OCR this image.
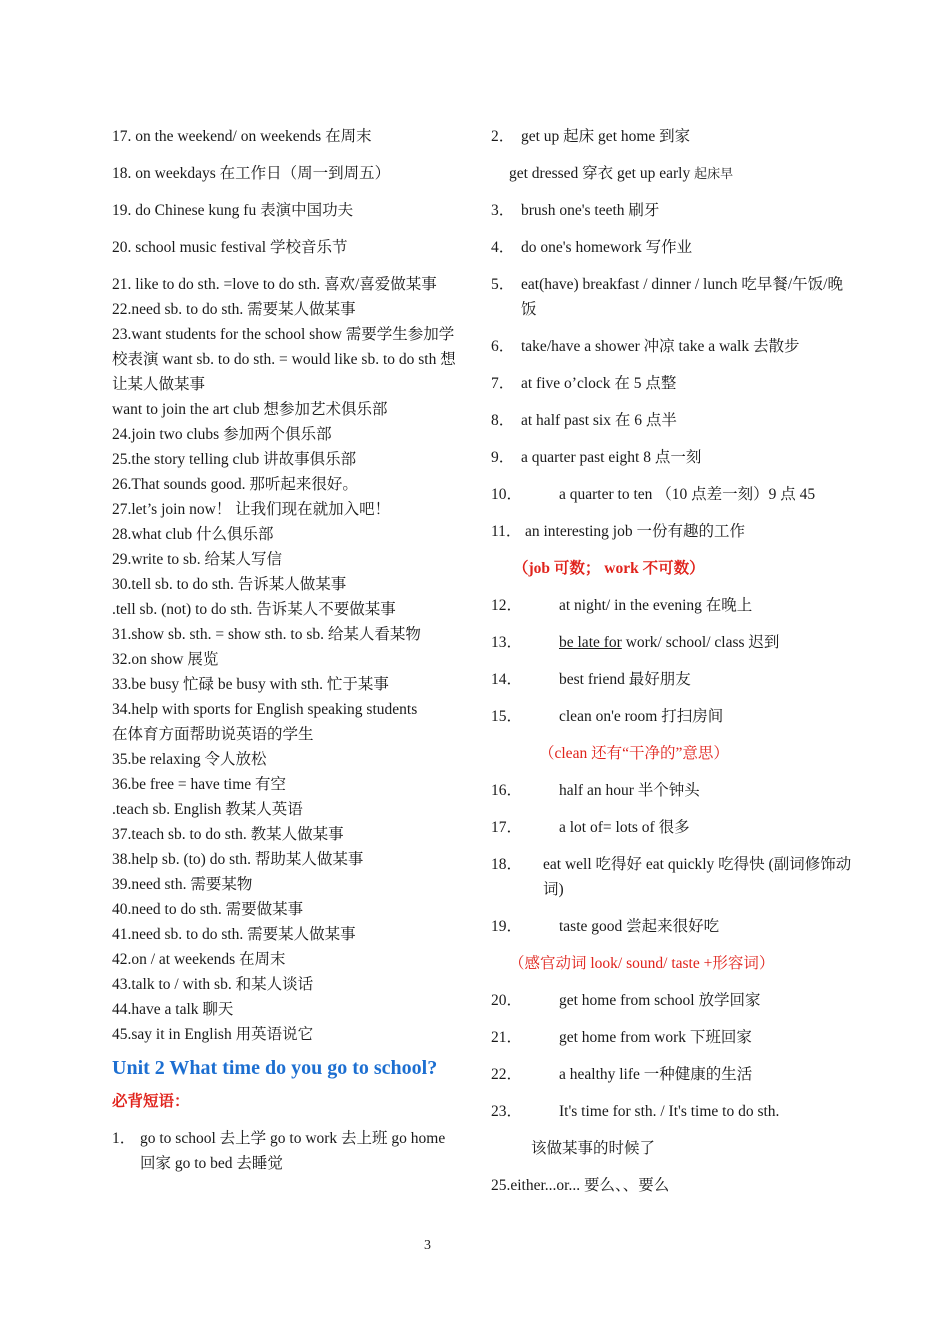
17. on the weekend/ on weekends 在周末
18. on weekdays 在工作日（周一到周五）
19. do Chinese kung fu 表演中国功夫
20. school music festival 学校音乐节
21. like to do sth. =love to do sth. 喜欢/喜爱做某事
22.need sb. to do sth. 需要某人做某事
23.want students for the school show 需要学生参加学校表演 want sb. to do sth. = would like sb. to do sth 想让某人做某事
want to join the art club 想参加艺术俱乐部
24.join two clubs 参加两个俱乐部
25.the story telling club 讲故事俱乐部
26.That sounds good. 那听起来很好。
27.let’s join now！ 让我们现在就加入吧！
28.what club 什么俱乐部
29.write to sb. 给某人写信
30.tell sb. to do sth. 告诉某人做某事
.tell sb. (not) to do sth. 告诉某人不要做某事
31.show sb. sth. = show sth. to sb. 给某人看某物
32.on show 展览
33.be busy 忙碌 be busy with sth. 忙于某事
34.help with sports for English speaking students
在体育方面帮助说英语的学生
35.be relaxing 令人放松
36.be free = have time 有空
.teach sb. English 教某人英语
37.teach sb. to do sth. 教某人做某事
38.help sb. (to) do sth. 帮助某人做某事
39.need sth. 需要某物
40.need to do sth. 需要做某事
41.need sb. to do sth. 需要某人做某事
42.on / at weekends 在周末
43.talk to / with sb. 和某人谈话
44.have a talk 聊天
45.say it in English 用英语说它
Unit 2 What time do you go to school?
必背短语：
1． go to school 去上学 go to work 去上班 go home 回家 go to bed 去睡觉
2． get up 起床 get home 到家
get dressed 穿衣 get up early 起床早
3． brush one's teeth 刷牙
4． do one's homework 写作业
5． eat(have) breakfast / dinner / lunch 吃早餐/午饭/晚饭
6． take/have a shower 冲凉 take a walk 去散步
7． at five o’clock 在 5 点整
8． at half past six 在 6 点半
9． a quarter past eight 8 点一刻
10．	a quarter to ten （10 点差一刻）9 点 45
11． an interesting job 一份有趣的工作
（job 可数； work 不可数）
12．	at night/ in the evening 在晚上
13．	be late for work/ school/ class 迟到
14．	best friend 最好朋友
15．	clean on'e room 打扫房间
（clean 还有“干净的”意思）
16．	half an hour 半个钟头
17．	a lot of= lots of 很多
18．	eat well 吃得好 eat quickly 吃得快 (副词修饰动词)
19．	taste good 尝起来很好吃
（感官动词 look/ sound/ taste +形容词）
20．	get home from school 放学回家
21．	get home from work 下班回家
22．	a healthy life 一种健康的生活
23．	It's time for sth. / It's time to do sth.
该做某事的时候了
25.either...or... 要么、、要么
3
